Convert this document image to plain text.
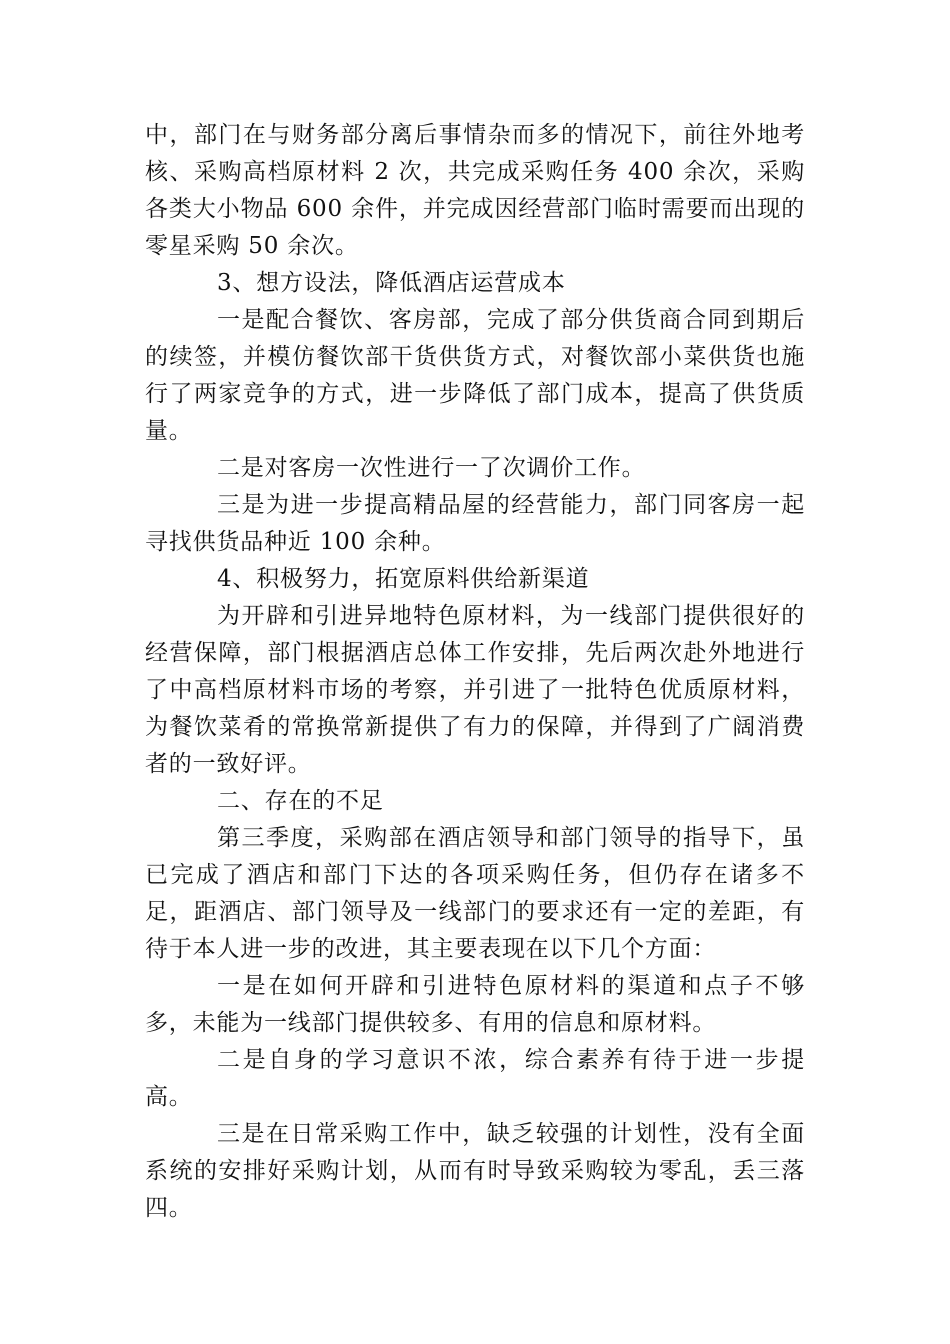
中，部门在与财务部分离后事情杂而多的情况下，前往外地考核、采购高档原材料 2 次，共完成采购任务 400 余次，采购各类大小物品 600 余件，并完成因经营部门临时需要而出现的零星采购 50 余次。

3、想方设法，降低酒店运营成本

一是配合餐饮、客房部，完成了部分供货商合同到期后的续签，并模仿餐饮部干货供货方式，对餐饮部小菜供货也施行了两家竞争的方式，进一步降低了部门成本，提高了供货质量。

二是对客房一次性进行一了次调价工作。

三是为进一步提高精品屋的经营能力，部门同客房一起寻找供货品种近 100 余种。

4、积极努力，拓宽原料供给新渠道

为开辟和引进异地特色原材料，为一线部门提供很好的经营保障，部门根据酒店总体工作安排，先后两次赴外地进行了中高档原材料市场的考察，并引进了一批特色优质原材料，为餐饮菜肴的常换常新提供了有力的保障，并得到了广阔消费者的一致好评。

二、存在的不足

第三季度，采购部在酒店领导和部门领导的指导下，虽已完成了酒店和部门下达的各项采购任务，但仍存在诸多不足，距酒店、部门领导及一线部门的要求还有一定的差距，有待于本人进一步的改进，其主要表现在以下几个方面：

一是在如何开辟和引进特色原材料的渠道和点子不够多，未能为一线部门提供较多、有用的信息和原材料。

二是自身的学习意识不浓，综合素养有待于进一步提高。

三是在日常采购工作中，缺乏较强的计划性，没有全面系统的安排好采购计划，从而有时导致采购较为零乱，丢三落四。
